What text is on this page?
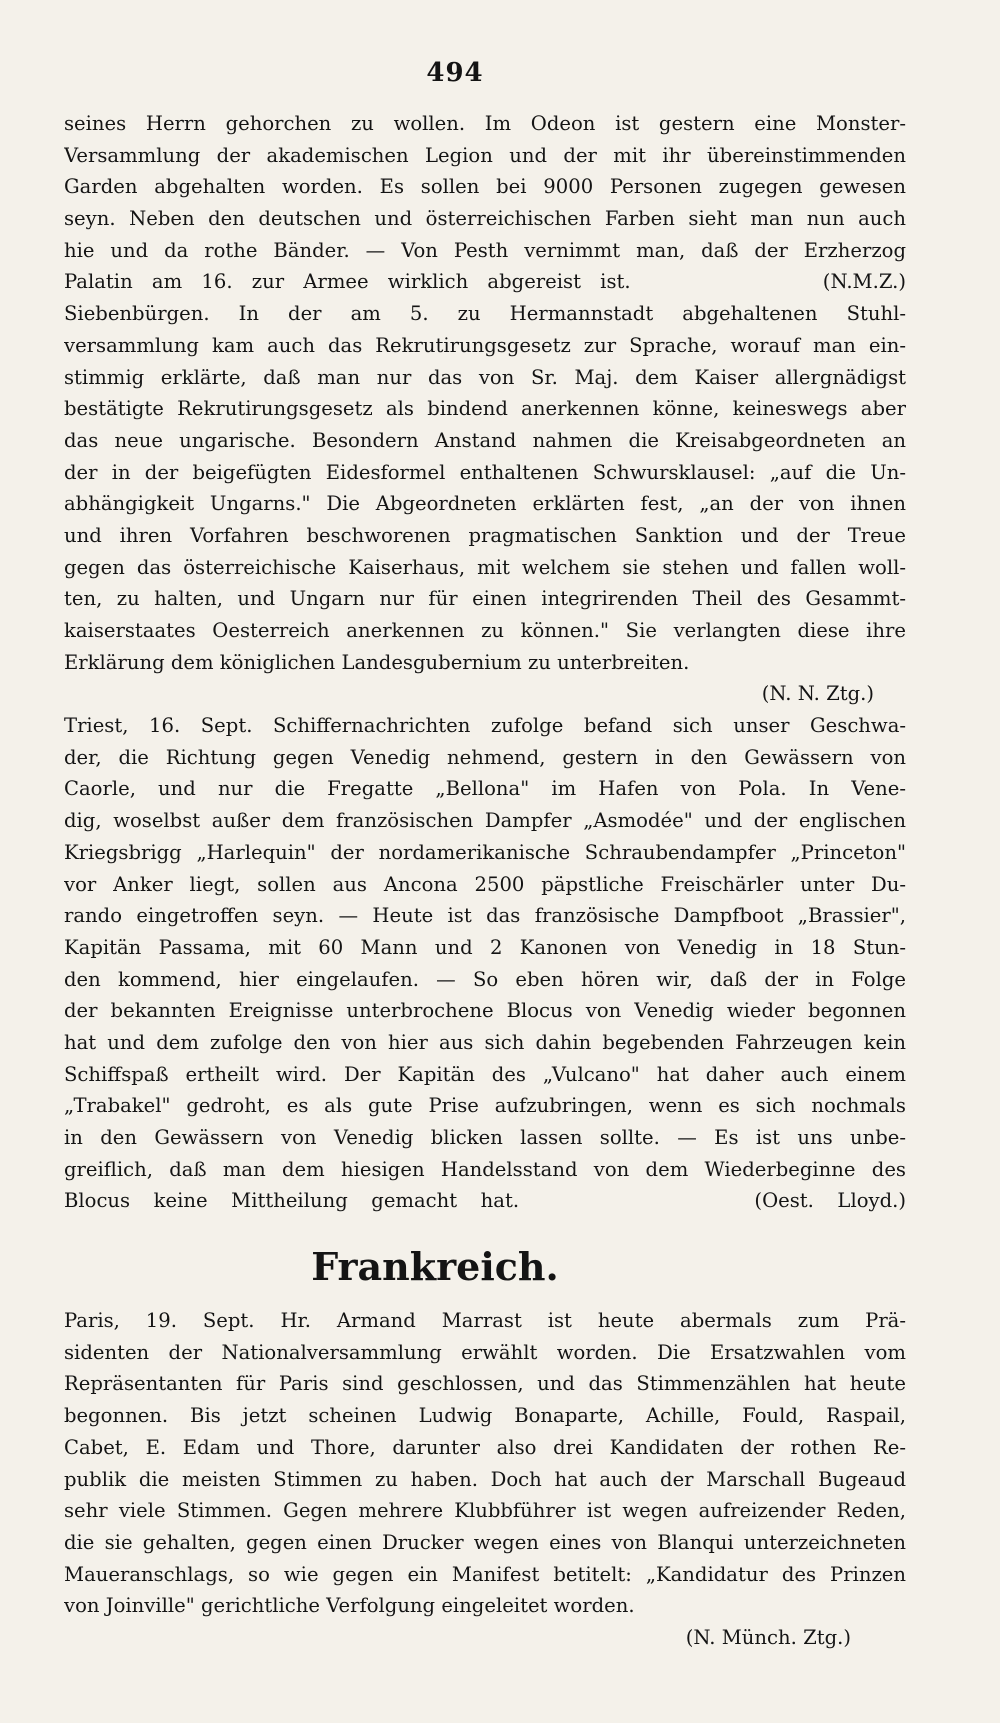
494
seines Herrn gehorchen zu wollen. Im Odeon ist gestern eine Monster-
Versammlung der akademischen Legion und der mit ihr übereinstimmenden
Garden abgehalten worden. Es sollen bei 9000 Personen zugegen gewesen
seyn. Neben den deutschen und österreichischen Farben sieht man nun auch
hie und da rothe Bänder. — Von Pesth vernimmt man, daß der Erzherzog
Palatin am 16. zur Armee wirklich abgereist ist.          (N.M.Z.)
Siebenbürgen. In der am 5. zu Hermannstadt abgehaltenen Stuhl-
versammlung kam auch das Rekrutirungsgesetz zur Sprache, worauf man ein-
stimmig erklärte, daß man nur das von Sr. Maj. dem Kaiser allergnädigst
bestätigte Rekrutirungsgesetz als bindend anerkennen könne, keineswegs aber
das neue ungarische. Besondern Anstand nahmen die Kreisabgeordneten an
der in der beigefügten Eidesformel enthaltenen Schwursklausel: „auf die Un-
abhängigkeit Ungarns." Die Abgeordneten erklärten fest, „an der von ihnen
und ihren Vorfahren beschworenen pragmatischen Sanktion und der Treue
gegen das österreichische Kaiserhaus, mit welchem sie stehen und fallen woll-
ten, zu halten, und Ungarn nur für einen integrirenden Theil des Gesammt-
kaiserstaates Oesterreich anerkennen zu können." Sie verlangten diese ihre
Erklärung dem königlichen Landesgubernium zu unterbreiten.
(N. N. Ztg.)
Triest, 16. Sept. Schiffernachrichten zufolge befand sich unser Geschwa-
der, die Richtung gegen Venedig nehmend, gestern in den Gewässern von
Caorle, und nur die Fregatte „Bellona" im Hafen von Pola. In Vene-
dig, woselbst außer dem französischen Dampfer „Asmodée" und der englischen
Kriegsbrigg „Harlequin" der nordamerikanische Schraubendampfer „Princeton"
vor Anker liegt, sollen aus Ancona 2500 päpstliche Freischärler unter Du-
rando eingetroffen seyn. — Heute ist das französische Dampfboot „Brassier",
Kapitän Passama, mit 60 Mann und 2 Kanonen von Venedig in 18 Stun-
den kommend, hier eingelaufen. — So eben hören wir, daß der in Folge
der bekannten Ereignisse unterbrochene Blocus von Venedig wieder begonnen
hat und dem zufolge den von hier aus sich dahin begebenden Fahrzeugen kein
Schiffspaß ertheilt wird. Der Kapitän des „Vulcano" hat daher auch einem
„Trabakel" gedroht, es als gute Prise aufzubringen, wenn es sich nochmals
in den Gewässern von Venedig blicken lassen sollte. — Es ist uns unbe-
greiflich, daß man dem hiesigen Handelsstand von dem Wiederbeginne des
Blocus keine Mittheilung gemacht hat.          (Oest. Lloyd.)
Frankreich.
Paris, 19. Sept. Hr. Armand Marrast ist heute abermals zum Prä-
sidenten der Nationalversammlung erwählt worden. Die Ersatzwahlen vom
Repräsentanten für Paris sind geschlossen, und das Stimmenzählen hat heute
begonnen. Bis jetzt scheinen Ludwig Bonaparte, Achille, Fould, Raspail,
Cabet, E. Edam und Thore, darunter also drei Kandidaten der rothen Re-
publik die meisten Stimmen zu haben. Doch hat auch der Marschall Bugeaud
sehr viele Stimmen. Gegen mehrere Klubbführer ist wegen aufreizender Reden,
die sie gehalten, gegen einen Drucker wegen eines von Blanqui unterzeichneten
Maueranschlags, so wie gegen ein Manifest betitelt: „Kandidatur des Prinzen
von Joinville" gerichtliche Verfolgung eingeleitet worden.
(N. Münch. Ztg.)
